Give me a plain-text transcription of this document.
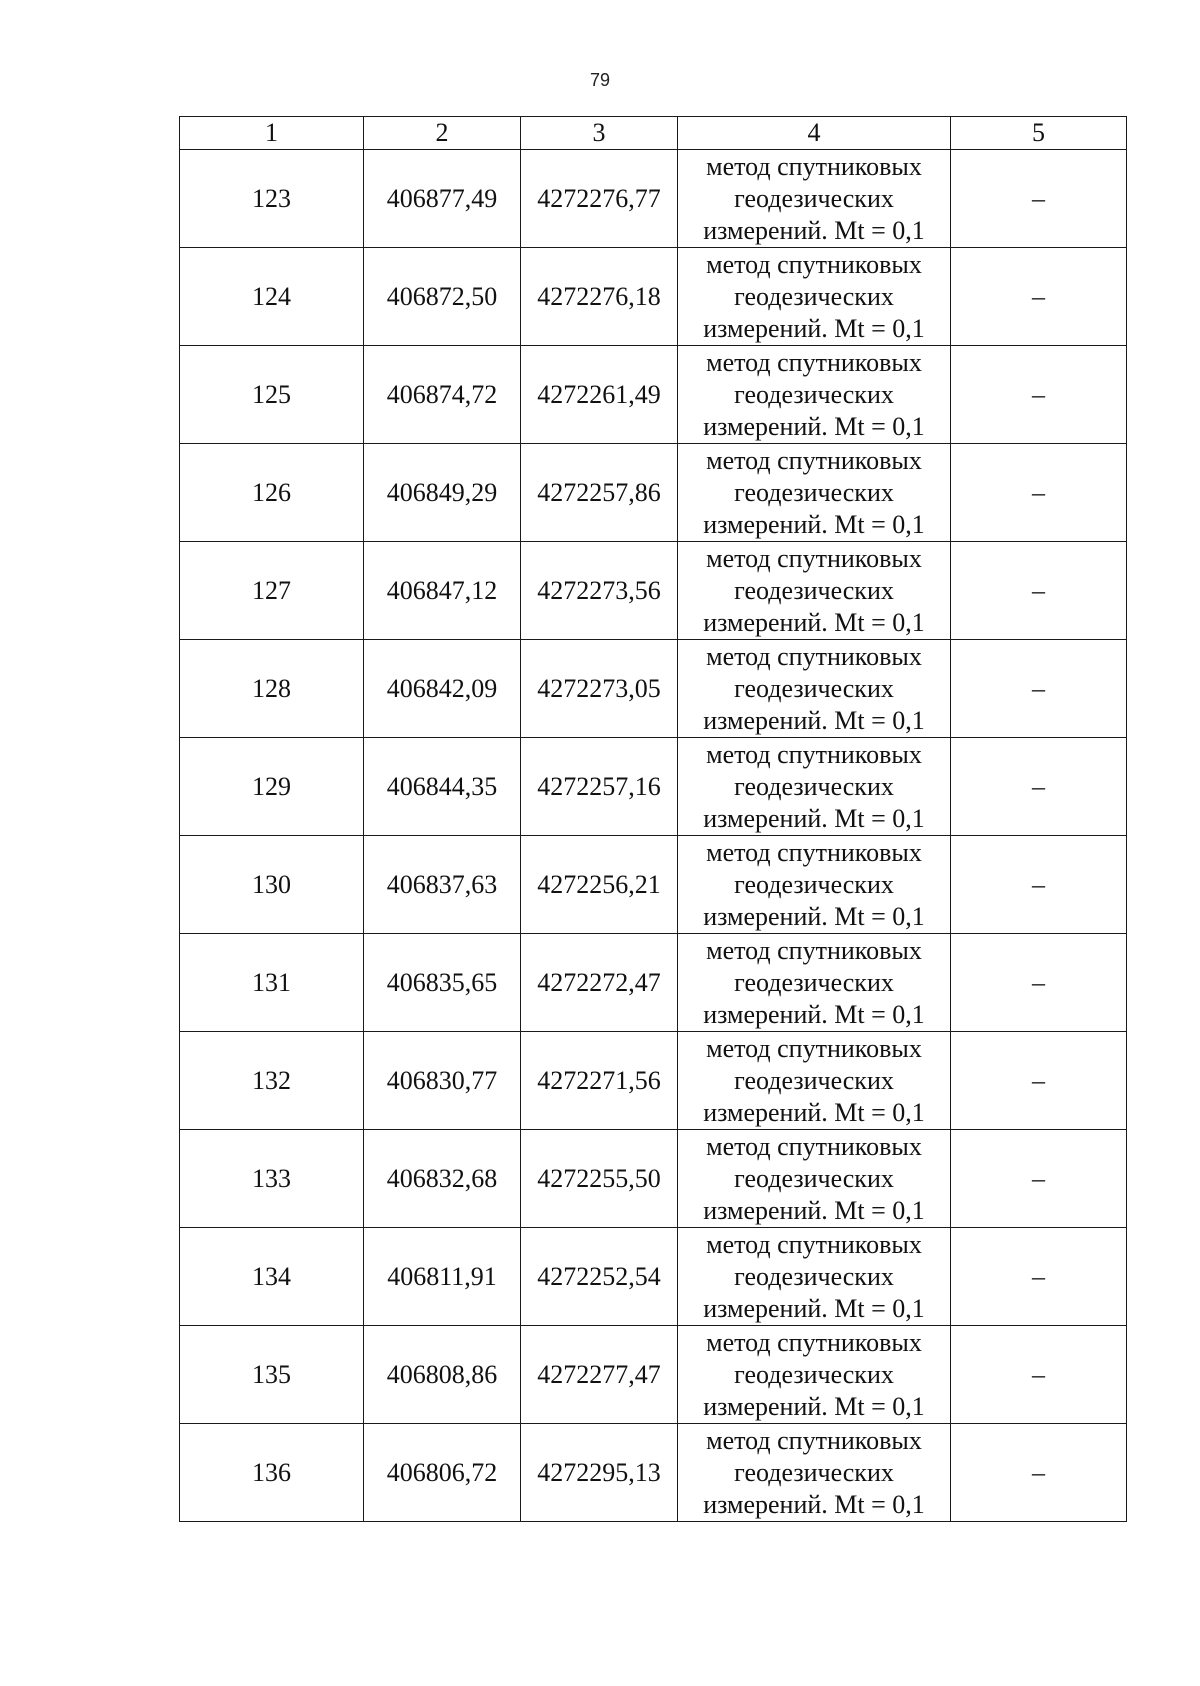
79
1	2	3	4	5
123	406877,49	4272276,77	метод спутниковых
геодезических
измерений. Mt = 0,1	–
124	406872,50	4272276,18	метод спутниковых
геодезических
измерений. Mt = 0,1	–
125	406874,72	4272261,49	метод спутниковых
геодезических
измерений. Mt = 0,1	–
126	406849,29	4272257,86	метод спутниковых
геодезических
измерений. Mt = 0,1	–
127	406847,12	4272273,56	метод спутниковых
геодезических
измерений. Mt = 0,1	–
128	406842,09	4272273,05	метод спутниковых
геодезических
измерений. Mt = 0,1	–
129	406844,35	4272257,16	метод спутниковых
геодезических
измерений. Mt = 0,1	–
130	406837,63	4272256,21	метод спутниковых
геодезических
измерений. Mt = 0,1	–
131	406835,65	4272272,47	метод спутниковых
геодезических
измерений. Mt = 0,1	–
132	406830,77	4272271,56	метод спутниковых
геодезических
измерений. Mt = 0,1	–
133	406832,68	4272255,50	метод спутниковых
геодезических
измерений. Mt = 0,1	–
134	406811,91	4272252,54	метод спутниковых
геодезических
измерений. Mt = 0,1	–
135	406808,86	4272277,47	метод спутниковых
геодезических
измерений. Mt = 0,1	–
136	406806,72	4272295,13	метод спутниковых
геодезических
измерений. Mt = 0,1	–
